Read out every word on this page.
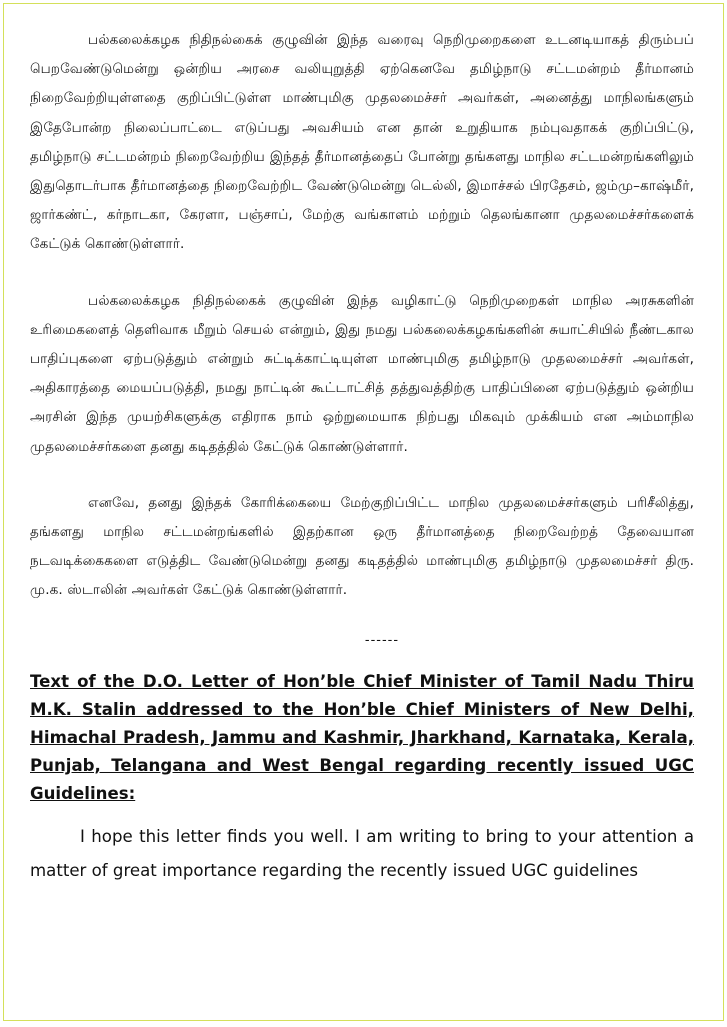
பல்கலைக்கழக நிதிநல்கைக் குழுவின் இந்த வரைவு நெறிமுறைகளை உடனடியாகத் திரும்பப் பெறவேண்டுமென்று ஒன்றிய அரசை வலியுறுத்தி ஏற்கெனவே தமிழ்நாடு சட்டமன்றம் தீர்மானம் நிறைவேற்றியுள்ளதை குறிப்பிட்டுள்ள மாண்புமிகு முதலமைச்சர் அவர்கள், அனைத்து மாநிலங்களும் இதேபோன்ற நிலைப்பாட்டை எடுப்பது அவசியம் என தான் உறுதியாக நம்புவதாகக் குறிப்பிட்டு, தமிழ்நாடு சட்டமன்றம் நிறைவேற்றிய இந்தத் தீர்மானத்தைப் போன்று தங்களது மாநில சட்டமன்றங்களிலும் இதுதொடர்பாக தீர்மானத்தை நிறைவேற்றிட வேண்டுமென்று டெல்லி, இமாச்சல் பிரதேசம், ஜம்மு–காஷ்மீர், ஜார்கண்ட், கர்நாடகா, கேரளா, பஞ்சாப், மேற்கு வங்காளம் மற்றும் தெலங்கானா முதலமைச்சர்களைக் கேட்டுக் கொண்டுள்ளார்.

பல்கலைக்கழக நிதிநல்கைக் குழுவின் இந்த வழிகாட்டு நெறிமுறைகள் மாநில அரசுகளின் உரிமைகளைத் தெளிவாக மீறும் செயல் என்றும், இது நமது பல்கலைக்கழகங்களின் சுயாட்சியில் நீண்டகால பாதிப்புகளை ஏற்படுத்தும் என்றும் சுட்டிக்காட்டியுள்ள மாண்புமிகு தமிழ்நாடு முதலமைச்சர் அவர்கள், அதிகாரத்தை மையப்படுத்தி, நமது நாட்டின் கூட்டாட்சித் தத்துவத்திற்கு பாதிப்பினை ஏற்படுத்தும் ஒன்றிய அரசின் இந்த முயற்சிகளுக்கு எதிராக நாம் ஒற்றுமையாக நிற்பது மிகவும் முக்கியம் என அம்மாநில முதலமைச்சர்களை தனது கடிதத்தில் கேட்டுக் கொண்டுள்ளார்.

எனவே, தனது இந்தக் கோரிக்கையை மேற்குறிப்பிட்ட மாநில முதலமைச்சர்களும் பரிசீலித்து, தங்களது மாநில சட்டமன்றங்களில் இதற்கான ஒரு தீர்மானத்தை நிறைவேற்றத் தேவையான நடவடிக்கைகளை எடுத்திட வேண்டுமென்று தனது கடிதத்தில் மாண்புமிகு தமிழ்நாடு முதலமைச்சர் திரு. மு.க. ஸ்டாலின் அவர்கள் கேட்டுக் கொண்டுள்ளார்.

------

Text of the D.O. Letter of Hon’ble Chief Minister of Tamil Nadu Thiru M.K. Stalin addressed to the Hon’ble Chief Ministers of New Delhi, Himachal Pradesh, Jammu and Kashmir, Jharkhand, Karnataka, Kerala, Punjab, Telangana and West Bengal regarding recently issued UGC Guidelines:

I hope this letter finds you well. I am writing to bring to your attention a matter of great importance regarding the recently issued UGC guidelines
